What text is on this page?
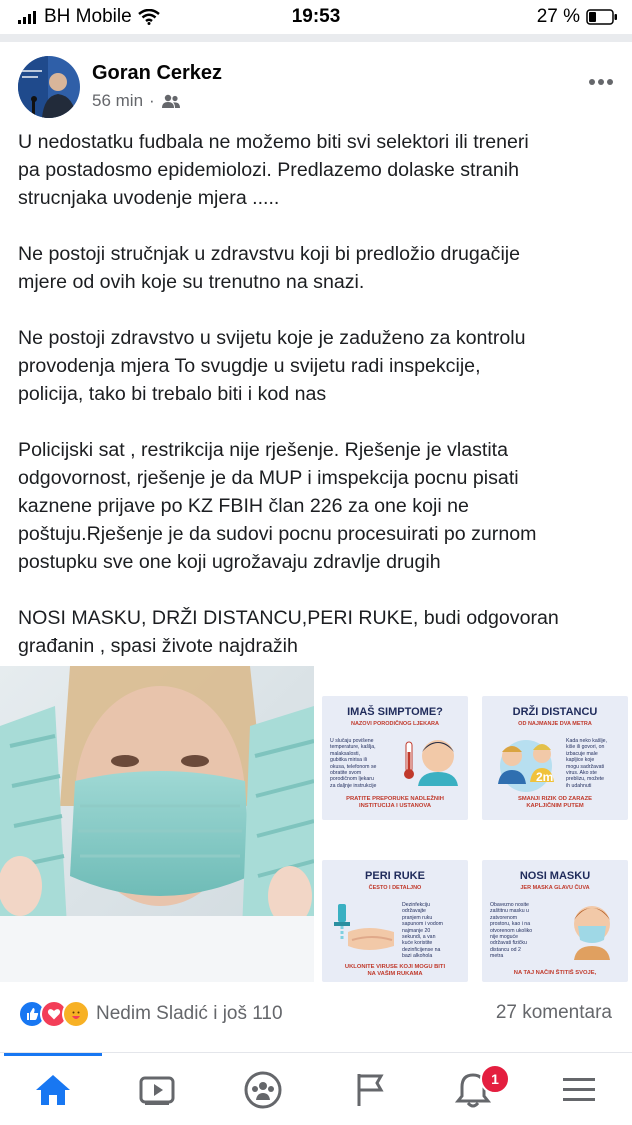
BH Mobile	19:53	27 %
Goran Cerkez
56 min ·

U nedostatku fudbala ne možemo biti svi selektori ili treneri
pa postadosmo epidemiolozi. Predlazemo dolaske stranih
strucnjaka uvodenje mjera .....

Ne postoji stručnjak u zdravstvu koji bi predložio drugačije
mjere od ovih koje su trenutno na snazi.

Ne postoji zdravstvo u svijetu koje je zaduženo za kontrolu
provodenja mjera To svugdje u svijetu radi inspekcije,
policija, tako bi trebalo biti i kod nas

Policijski sat , restrikcija nije rješenje. Rješenje je vlastita
odgovornost, rješenje je da MUP i imspekcija pocnu pisati
kaznene prijave po KZ FBIH član 226 za one koji ne
poštuju.Rješenje je da sudovi pocnu procesuirati po zurnom
postupku sve one koji ugrožavaju zdravlje drugih

NOSI MASKU, DRŽI DISTANCU,PERI RUKE, budi odgovoran
građanin , spasi živote najdražih

IMAŠ SIMPTOME?
NAZOVI PORODIČNOG LJEKARA
U slučaju povišene
temperature, kašlja,
malaksalosti,
gubitka mirisa ili
okusa, telefonom se
obratite svom
porodičnom ljekaru
za daljnje instrukcije
PRATITE PREPORUKE NADLEŽNIH
INSTITUCIJA I USTANOVA
DRŽI DISTANCU
OD NAJMANJE DVA METRA
2m
Kada neko kašlje,
kiše ili govori, on
izbacuje male
kapljice koje
mogu sadržavati
virus. Ako ste
preblizu, možete
ih udahnuti
SMANJI RIZIK OD ZARAZE
KAPLJIČNIM PUTEM
PERI RUKE
ČESTO I DETALJNO
Dezinfekciju
održavajte
pranjem ruku
sapunom i vodom
najmanje 20
sekundi, a van
kuće koristite
dezinficijense na
bazi alkohola
UKLONITE VIRUSE KOJI MOGU BITI
NA VAŠIM RUKAMA
NOSI MASKU
JER MASKA GLAVU ČUVA
Obavezno nosite
zaštitnu masku u
zatvorenom
prostoru, kao i na
otvorenom ukoliko
nije moguće
održavati fizičku
distancu od 2
metra
NA TAJ NAČIN ŠTITIŠ SVOJE,
Nedim Sladić i još 110	27 komentara
1
